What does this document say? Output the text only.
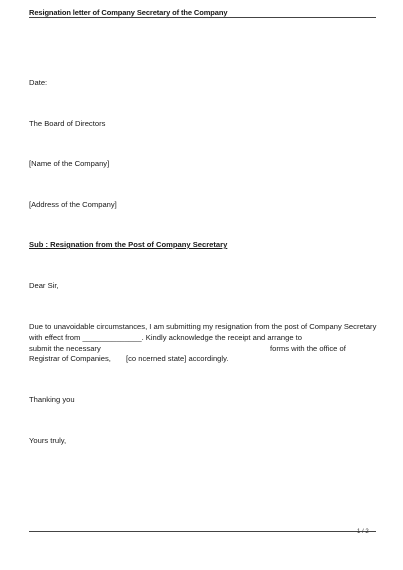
Resignation letter of Company Secretary of the Company
Date:
The Board of Directors
[Name of the Company]
[Address of the Company]
Sub : Resignation from the Post of Company Secretary
Dear Sir,
Due to unavoidable circumstances, I am submitting my resignation from the post of Company Secretary
with effect from ______________. Kindly acknowledge the receipt and arrange to
submit the necessary	forms with the office of
Registrar of Companies, [co ncerned state] accordingly.
Thanking you
Yours truly,
1 / 2
